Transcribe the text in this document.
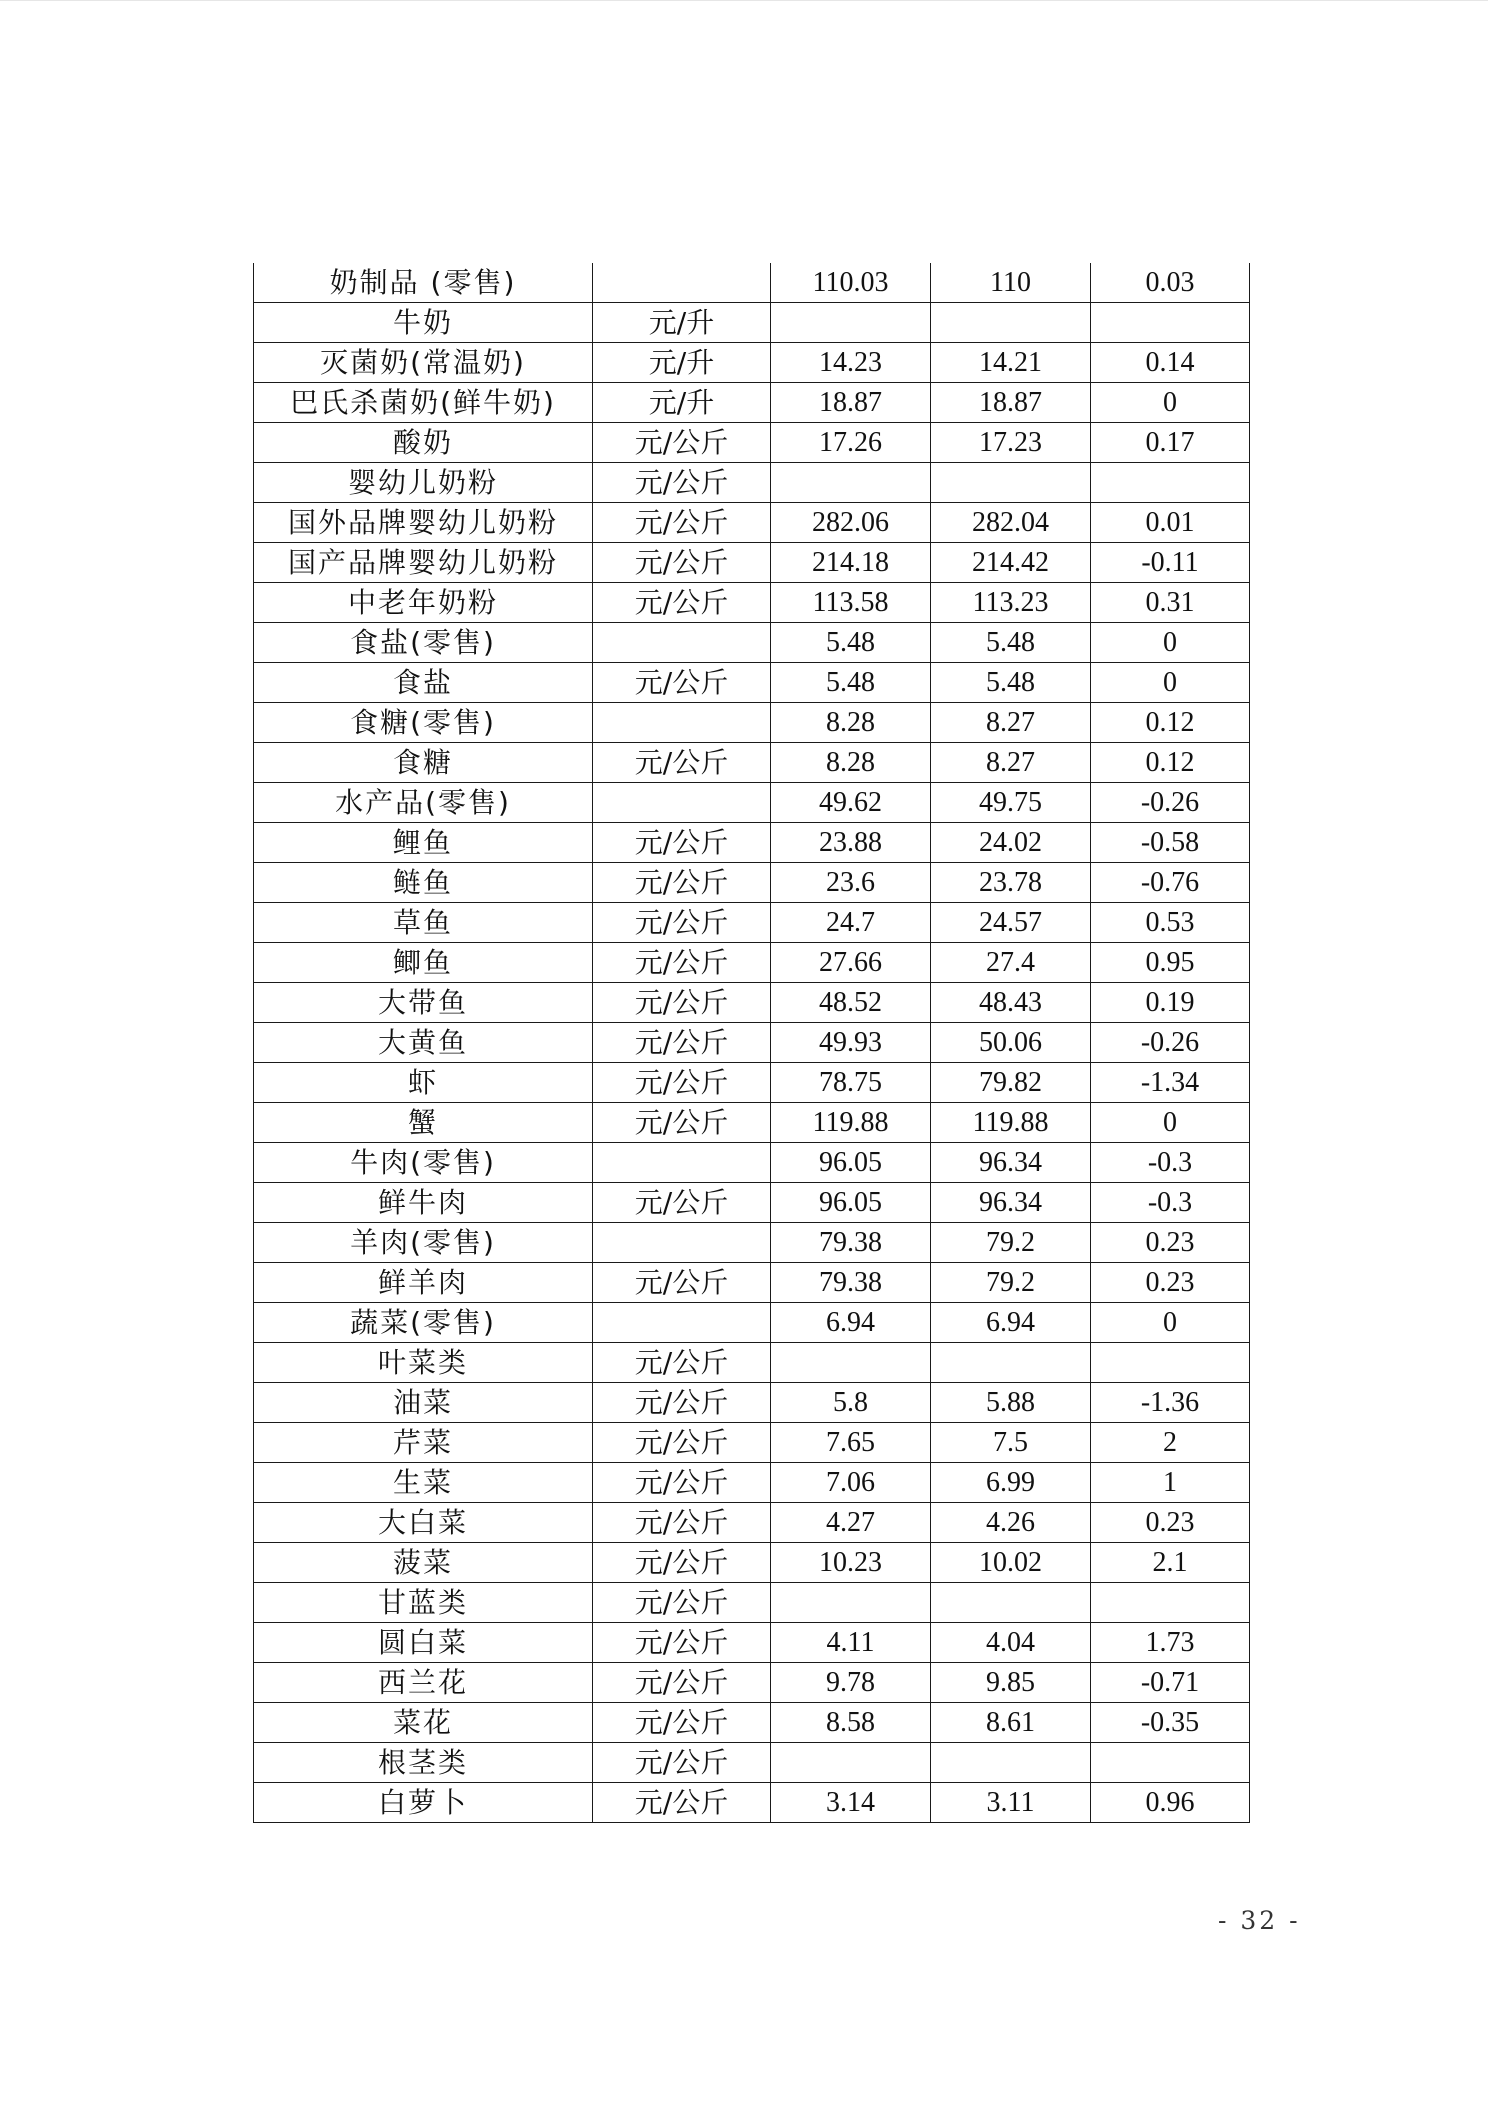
奶制品 (零售)		110.03	110	0.03
牛奶	元/升			
灭菌奶(常温奶)	元/升	14.23	14.21	0.14
巴氏杀菌奶(鲜牛奶)	元/升	18.87	18.87	0
酸奶	元/公斤	17.26	17.23	0.17
婴幼儿奶粉	元/公斤			
国外品牌婴幼儿奶粉	元/公斤	282.06	282.04	0.01
国产品牌婴幼儿奶粉	元/公斤	214.18	214.42	-0.11
中老年奶粉	元/公斤	113.58	113.23	0.31
食盐(零售)		5.48	5.48	0
食盐	元/公斤	5.48	5.48	0
食糖(零售)		8.28	8.27	0.12
食糖	元/公斤	8.28	8.27	0.12
水产品(零售)		49.62	49.75	-0.26
鲤鱼	元/公斤	23.88	24.02	-0.58
鲢鱼	元/公斤	23.6	23.78	-0.76
草鱼	元/公斤	24.7	24.57	0.53
鲫鱼	元/公斤	27.66	27.4	0.95
大带鱼	元/公斤	48.52	48.43	0.19
大黄鱼	元/公斤	49.93	50.06	-0.26
虾	元/公斤	78.75	79.82	-1.34
蟹	元/公斤	119.88	119.88	0
牛肉(零售)		96.05	96.34	-0.3
鲜牛肉	元/公斤	96.05	96.34	-0.3
羊肉(零售)		79.38	79.2	0.23
鲜羊肉	元/公斤	79.38	79.2	0.23
蔬菜(零售)		6.94	6.94	0
叶菜类	元/公斤			
油菜	元/公斤	5.8	5.88	-1.36
芹菜	元/公斤	7.65	7.5	2
生菜	元/公斤	7.06	6.99	1
大白菜	元/公斤	4.27	4.26	0.23
菠菜	元/公斤	10.23	10.02	2.1
甘蓝类	元/公斤			
圆白菜	元/公斤	4.11	4.04	1.73
西兰花	元/公斤	9.78	9.85	-0.71
菜花	元/公斤	8.58	8.61	-0.35
根茎类	元/公斤			
白萝卜	元/公斤	3.14	3.11	0.96
- 32 -
